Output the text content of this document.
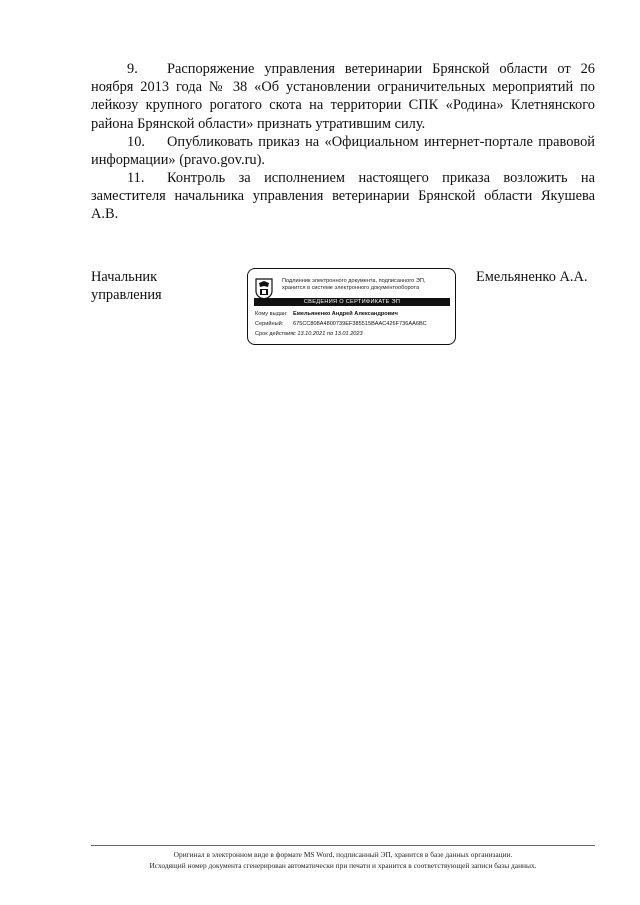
9. Распоряжение управления ветеринарии Брянской области от 26 ноября 2013 года № 38 «Об установлении ограничительных мероприятий по лейкозу крупного рогатого скота на территории СПК «Родина» Клетнянского района Брянской области» признать утратившим силу.

10. Опубликовать приказ на «Официальном интернет-портале правовой информации» (pravo.gov.ru).

11. Контроль за исполнением настоящего приказа возложить на заместителя начальника управления ветеринарии Брянской области Якушева А.В.

Начальник
управления
Подлинник электронного документа, подписанного ЭП,
хранится в системе электронного документооборота
СВЕДЕНИЯ О СЕРТИФИКАТЕ ЭП
Кому выдан: Емельяненко Андрей Александрович
Серийный: 675CC808A4800739EF385515BAAC426F736AA6BC
Срок действия:с 13.10.2021 по 13.01.2023
Емельяненко А.А.
Оригинал в электронном виде в формате MS Word, подписанный ЭП, хранится в базе данных организации.
Исходящий номер документа сгенерирован автоматически при печати и хранится в соответствующей записи базы данных.
